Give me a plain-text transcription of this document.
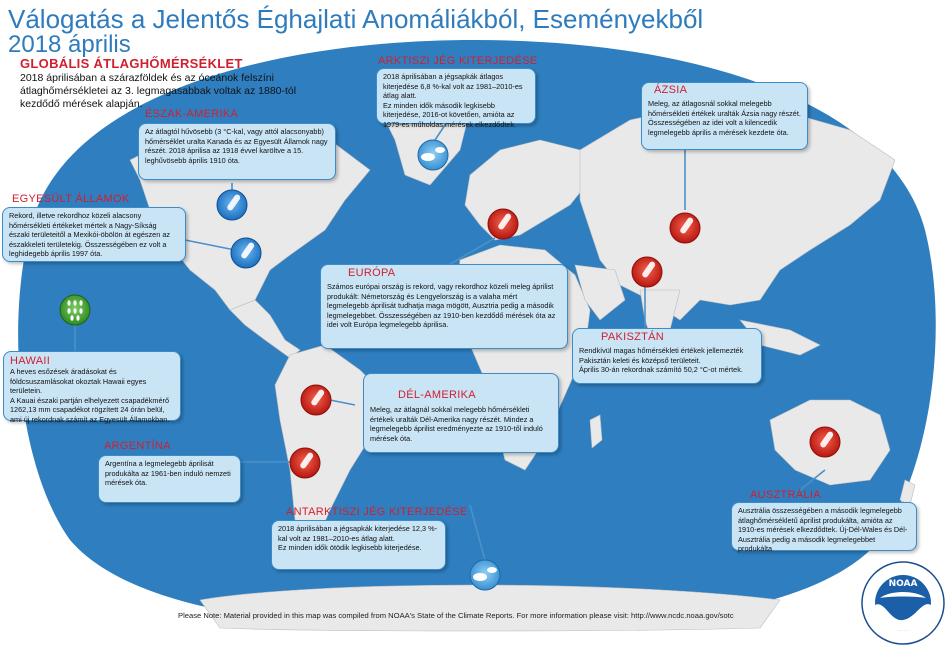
Válogatás a Jelentős Éghajlati Anomáliákból, Eseményekből
2018 április
GLOBÁLIS ÁTLAGHŐMÉRSÉKLET
2018 áprilisában a szárazföldek és az óceánok felszíni átlaghőmérsékletei az 3. legmagasabbak voltak az 1880-tól kezdődő mérések alapján.
ÉSZAK-AMERIKA

Az átlagtól hűvösebb (3 °C-kal, vagy attól alacsonyabb) hőmérséklet uralta Kanada és az Egyesült Államok nagy részét. 2018 áprilisa az 1918 évvel karöltve a 15. leghűvösebb április 1910 óta.

EGYESÜLT ÁLLAMOK

Rekord, illetve rekordhoz közeli alacsony hőmérsékleti értékeket mértek a Nagy-Síkság északi területeitől a Mexikói-öbölön át egészen az északkeleti területekig. Összességében ez volt a leghidegebb április 1997 óta.

A heves esőzések áradásokat és földcsuszamlásokat okoztak Hawaii egyes területein.

A Kauai északi partján elhelyezett csapadékmérő 1262,13 mm csapadékot rögzített 24 órán belül, ami új rekordnak számít az Egyesült Államokban.

HAWAII
ARGENTÍNA

Argentína a legmelegebb áprilisát produkálta az 1961-ben induló nemzeti mérések óta.

ARKTISZI JÉG KITERJEDÉSE

2018 áprilisában a jégsapkák átlagos kiterjedése 6,8 %-kal volt az 1981–2010-es átlag alatt.

Ez minden idők második legkisebb kiterjedése, 2016-ot követően, amióta az 1979-es műholdas mérések elkezdődtek.

Számos európai ország is rekord, vagy rekordhoz közeli meleg áprilist produkált: Németország és Lengyelország is a valaha mért legmelegebb áprilisát tudhatja maga mögött, Ausztria pedig a második legmelegebbet. Összességében az 1910-ben kezdődő mérések óta az idei volt Európa legmelegebb áprilisa.

EURÓPA

Meleg, az átlagnál sokkal melegebb hőmérsékleti értékek uralták Dél-Amerika nagy részét. Mindez a legmelegebb áprilist eredményezte az 1910-től induló mérések óta.

DÉL-AMERIKA
ANTARKTISZI JÉG KITERJEDÉSE

2018 áprilisában a jégsapkák kiterjedése 12,3 %-kal volt az 1981–2010-es átlag alatt.

Ez minden idők ötödik legkisebb kiterjedése.

Meleg, az átlagosnál sokkal melegebb hőmérsékleti értékek uralták Ázsia nagy részét. Összességében az idei volt a kilencedik legmelegebb április a mérések kezdete óta.

ÁZSIA

Rendkívül magas hőmérsékleti értékek jellemezték Pakisztán keleti és középső területeit.

Április 30-án rekordnak számító 50,2 °C-ot mértek.

PAKISZTÁN
AUSZTRÁLIA

Ausztrália összességében a második legmelegebb átlaghőmérsékletű áprilist produkálta, amióta az 1910-es mérések elkezdődtek. Új-Dél-Wales és Dél-Ausztrália pedig a második legmelegebbet produkálta

NOAA
Please Note: Material provided in this map was compiled from NOAA's State of the Climate Reports. For more information please visit: http://www.ncdc.noaa.gov/sotc
